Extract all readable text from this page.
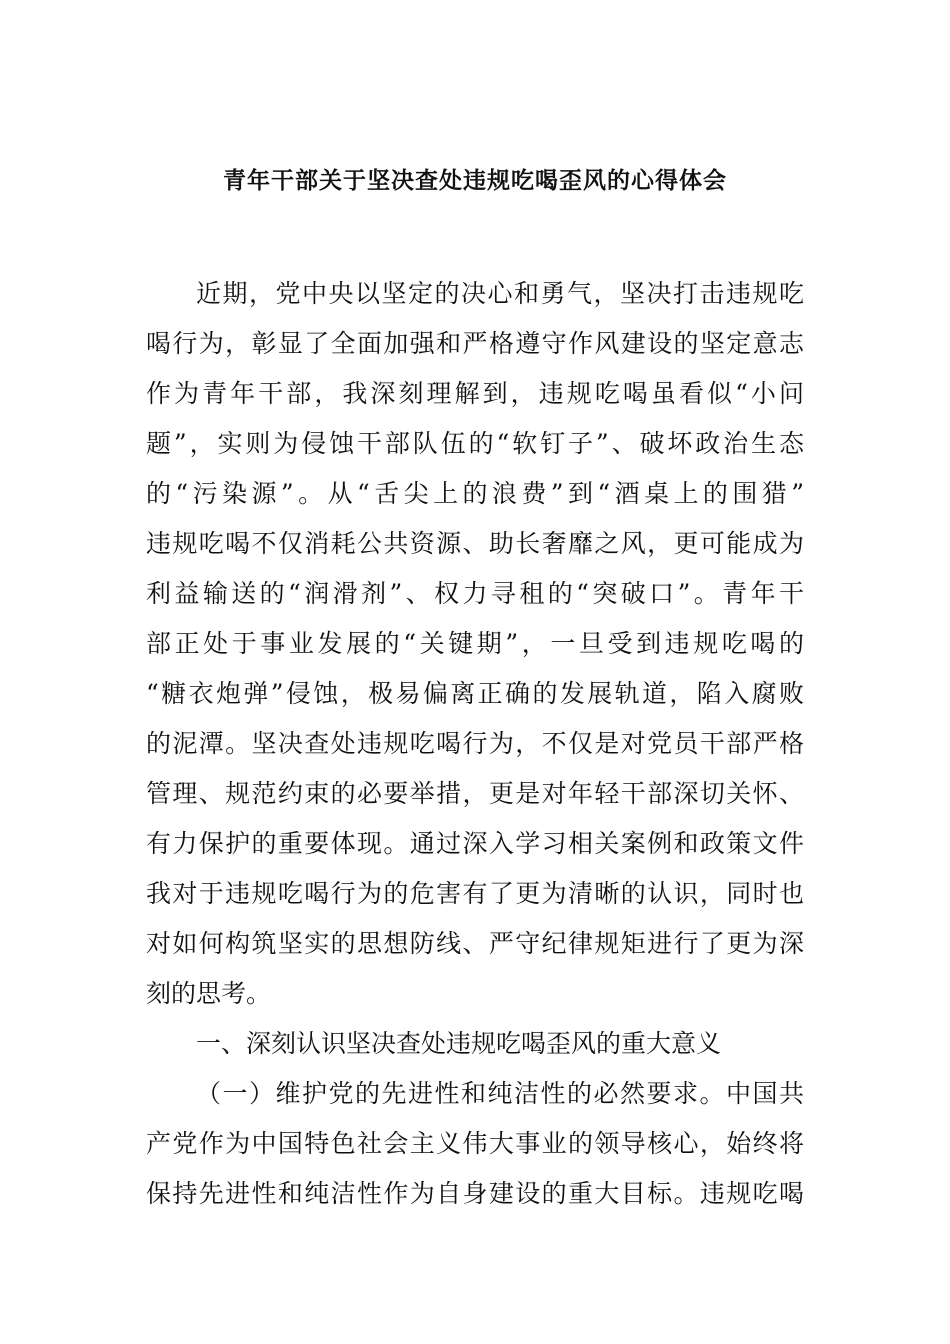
青年干部关于坚决查处违规吃喝歪风的心得体会

近期，党中央以坚定的决心和勇气，坚决打击违规吃

喝行为，彰显了全面加强和严格遵守作风建设的坚定意志

作为青年干部，我深刻理解到，违规吃喝虽看似“小问

题”，实则为侵蚀干部队伍的“软钉子”、破坏政治生态

的“污染源”。从“舌尖上的浪费”到“酒桌上的围猎”

违规吃喝不仅消耗公共资源、助长奢靡之风，更可能成为

利益输送的“润滑剂”、权力寻租的“突破口”。青年干

部正处于事业发展的“关键期”，一旦受到违规吃喝的

“糖衣炮弹”侵蚀，极易偏离正确的发展轨道，陷入腐败

的泥潭。坚决查处违规吃喝行为，不仅是对党员干部严格

管理、规范约束的必要举措，更是对年轻干部深切关怀、

有力保护的重要体现。通过深入学习相关案例和政策文件

我对于违规吃喝行为的危害有了更为清晰的认识，同时也

对如何构筑坚实的思想防线、严守纪律规矩进行了更为深

刻的思考。

一、深刻认识坚决查处违规吃喝歪风的重大意义

（一）维护党的先进性和纯洁性的必然要求。中国共

产党作为中国特色社会主义伟大事业的领导核心，始终将

保持先进性和纯洁性作为自身建设的重大目标。违规吃喝
